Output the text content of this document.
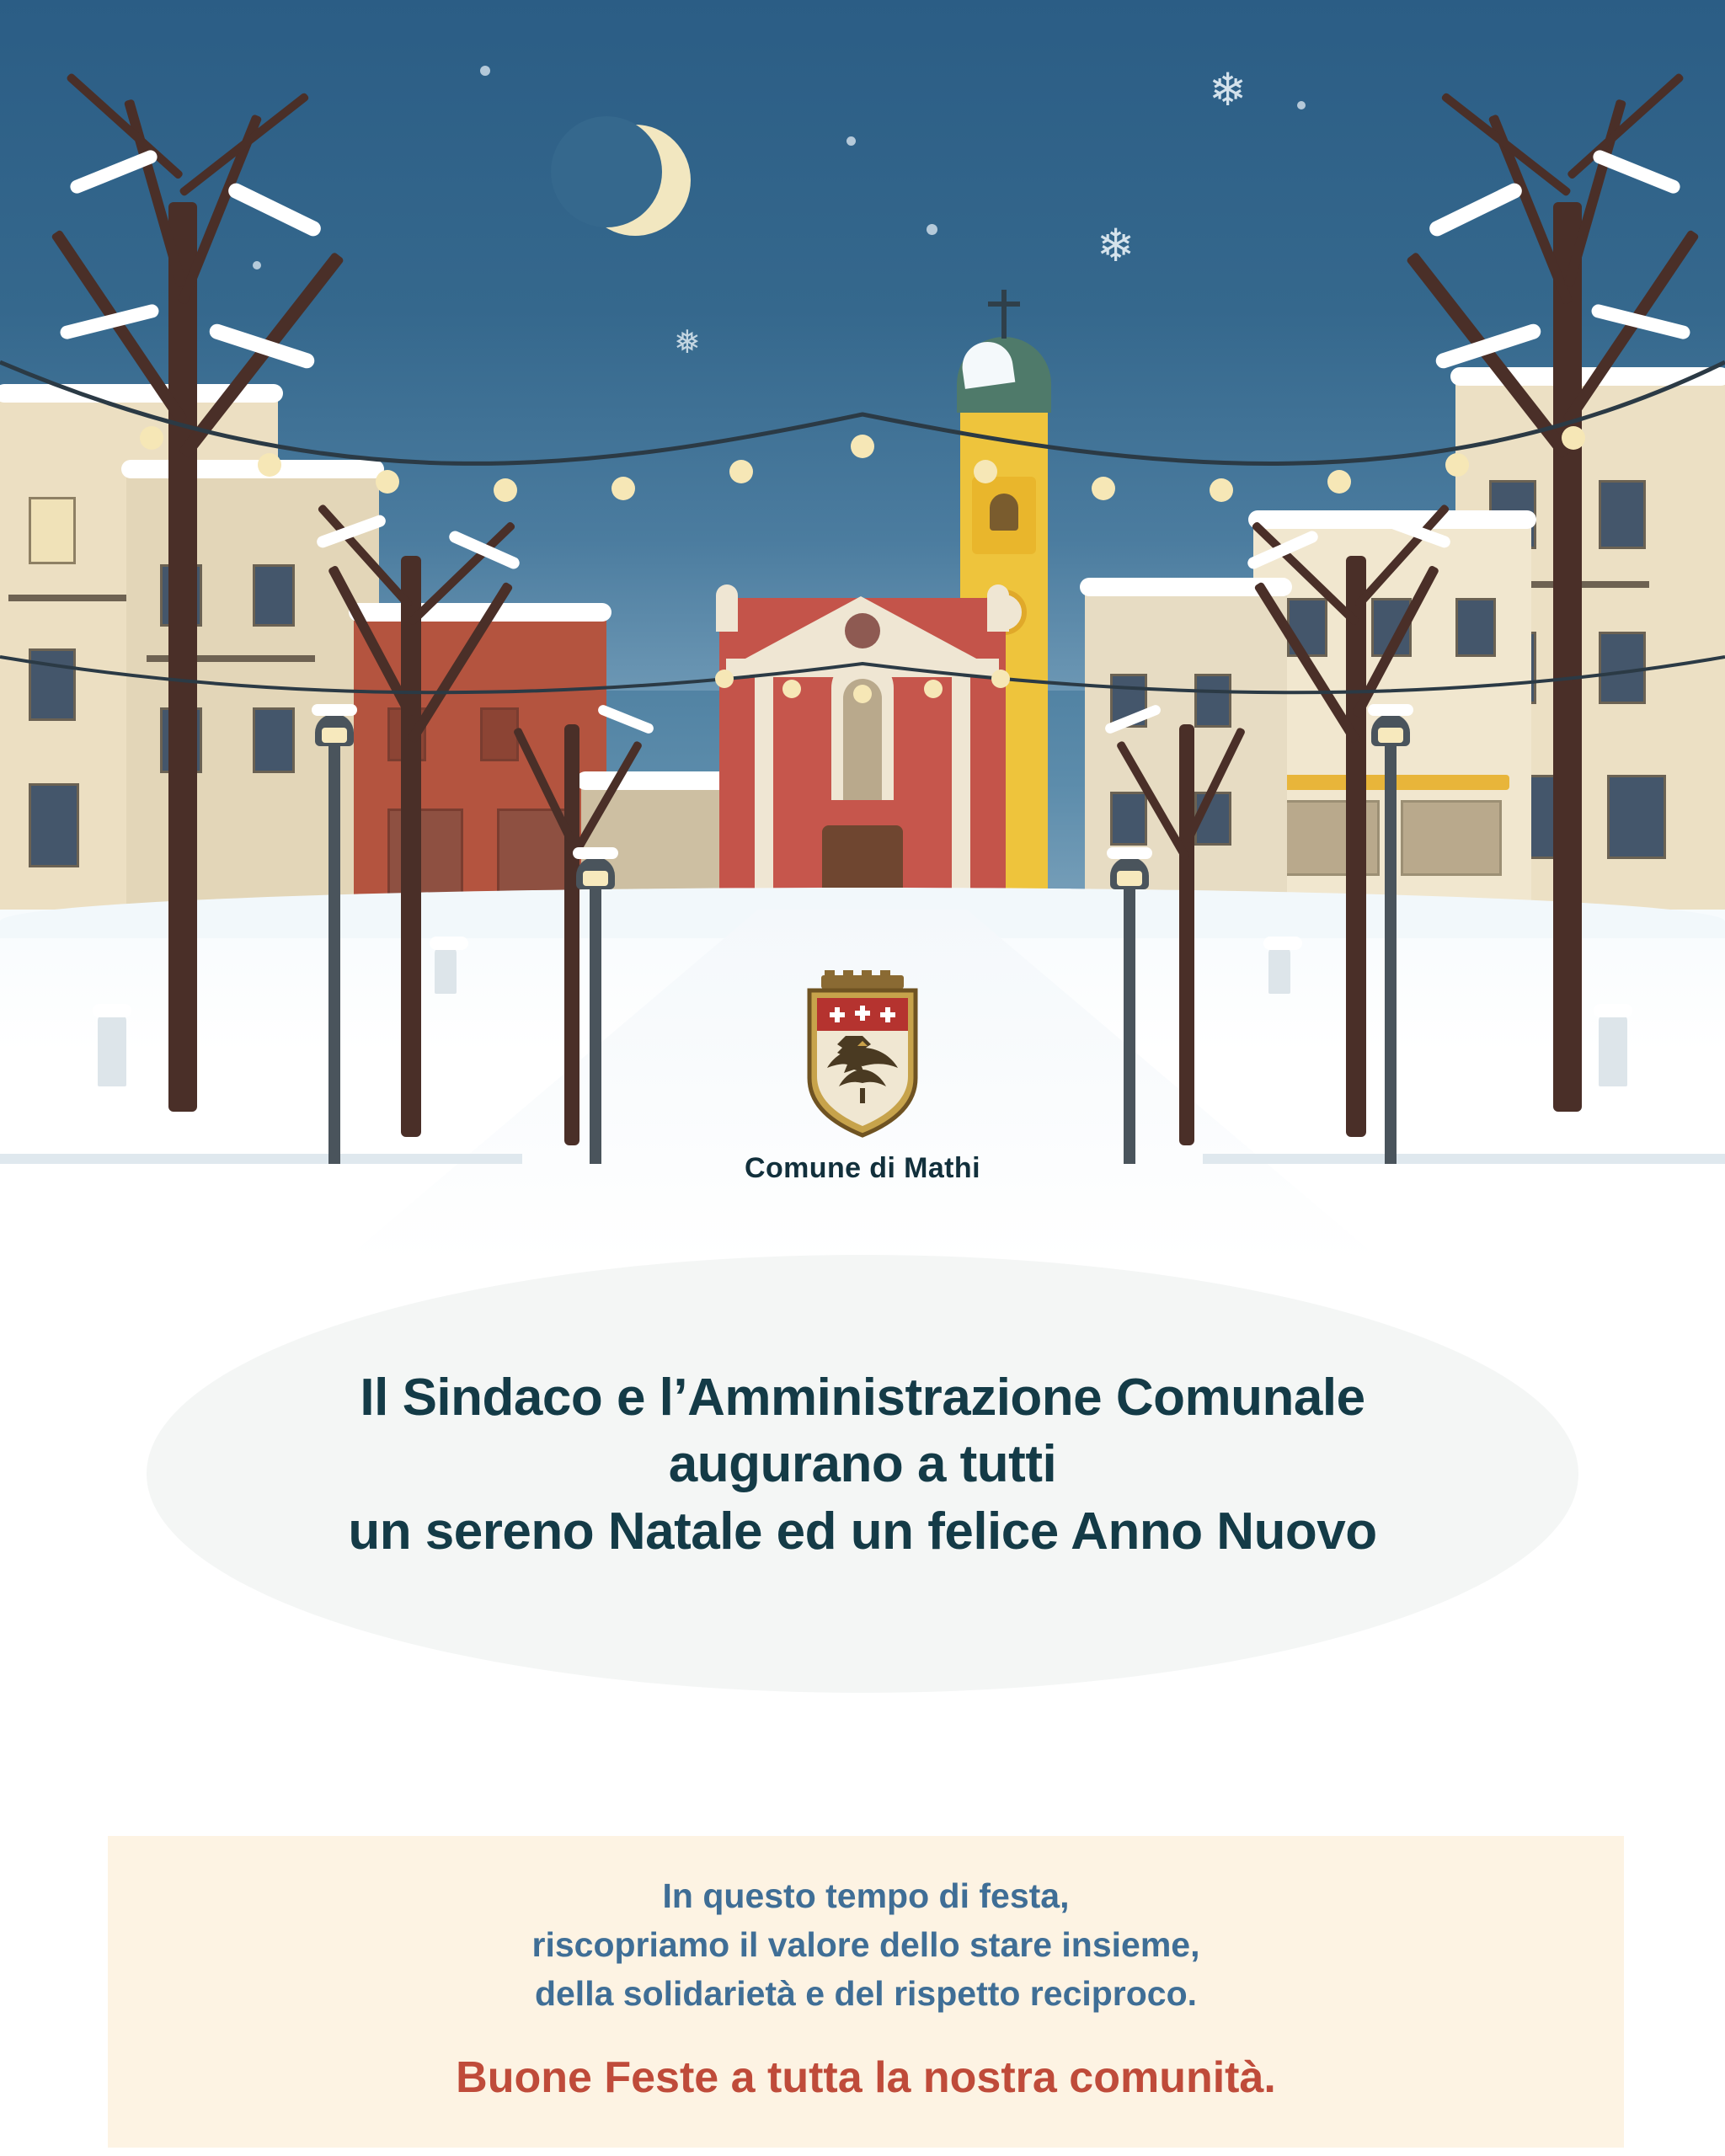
❄
❄
❅
Comune di Mathi
Il Sindaco e l’Amministrazione Comunale
augurano a tutti
un sereno Natale ed un felice Anno Nuovo

In questo tempo di festa,

riscopriamo il valore dello stare insieme,

della solidarietà e del rispetto reciproco.

Buone Feste a tutta la nostra comunità.
